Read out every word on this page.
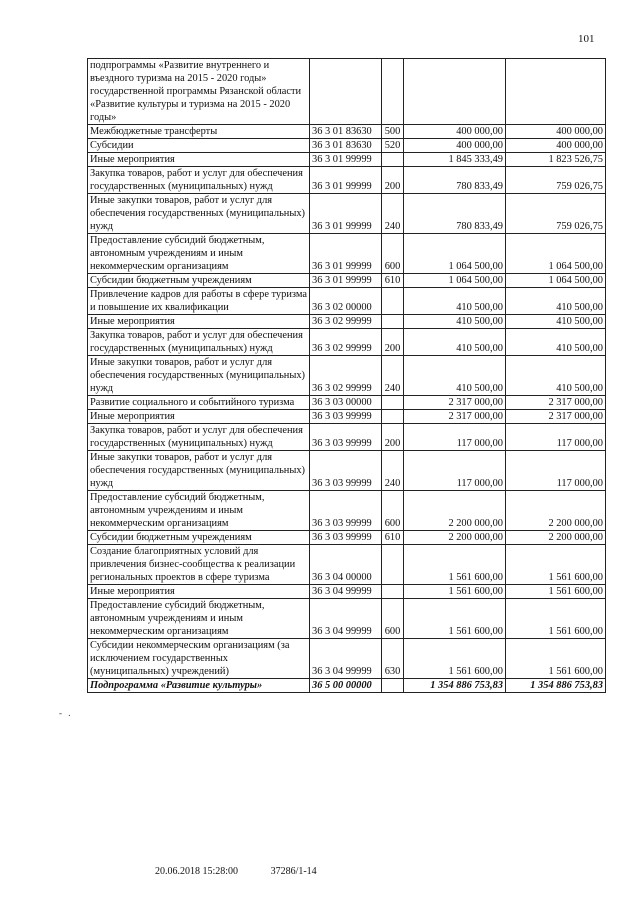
101
- .
подпрограммы «Развитие внутреннего и въездного туризма на 2015 - 2020 годы» государственной программы Рязанской области «Развитие культуры и туризма на 2015 - 2020 годы»				
Межбюджетные трансферты	36 3 01 83630	500	400 000,00	400 000,00
Субсидии	36 3 01 83630	520	400 000,00	400 000,00
Иные мероприятия	36 3 01 99999		1 845 333,49	1 823 526,75
Закупка товаров, работ и услуг для обеспечения государственных (муниципальных) нужд	36 3 01 99999	200	780 833,49	759 026,75
Иные закупки товаров, работ и услуг для обеспечения государственных (муниципальных) нужд	36 3 01 99999	240	780 833,49	759 026,75
Предоставление субсидий бюджетным, автономным учреждениям и иным некоммерческим организациям	36 3 01 99999	600	1 064 500,00	1 064 500,00
Субсидии бюджетным учреждениям	36 3 01 99999	610	1 064 500,00	1 064 500,00
Привлечение кадров для работы в сфере туризма и повышение их квалификации	36 3 02 00000		410 500,00	410 500,00
Иные мероприятия	36 3 02 99999		410 500,00	410 500,00
Закупка товаров, работ и услуг для обеспечения государственных (муниципальных) нужд	36 3 02 99999	200	410 500,00	410 500,00
Иные закупки товаров, работ и услуг для обеспечения государственных (муниципальных) нужд	36 3 02 99999	240	410 500,00	410 500,00
Развитие социального и событийного туризма	36 3 03 00000		2 317 000,00	2 317 000,00
Иные мероприятия	36 3 03 99999		2 317 000,00	2 317 000,00
Закупка товаров, работ и услуг для обеспечения государственных (муниципальных) нужд	36 3 03 99999	200	117 000,00	117 000,00
Иные закупки товаров, работ и услуг для обеспечения государственных (муниципальных) нужд	36 3 03 99999	240	117 000,00	117 000,00
Предоставление субсидий бюджетным, автономным учреждениям и иным некоммерческим организациям	36 3 03 99999	600	2 200 000,00	2 200 000,00
Субсидии бюджетным учреждениям	36 3 03 99999	610	2 200 000,00	2 200 000,00
Создание благоприятных условий для привлечения бизнес-сообщества к реализации региональных проектов в сфере туризма	36 3 04 00000		1 561 600,00	1 561 600,00
Иные мероприятия	36 3 04 99999		1 561 600,00	1 561 600,00
Предоставление субсидий бюджетным, автономным учреждениям и иным некоммерческим организациям	36 3 04 99999	600	1 561 600,00	1 561 600,00
Субсидии некоммерческим организациям (за исключением государственных (муниципальных) учреждений)	36 3 04 99999	630	1 561 600,00	1 561 600,00
Подпрограмма «Развитие культуры»	36 5 00 00000		1 354 886 753,83	1 354 886 753,83
20.06.2018 15:28:00	37286/1-14
